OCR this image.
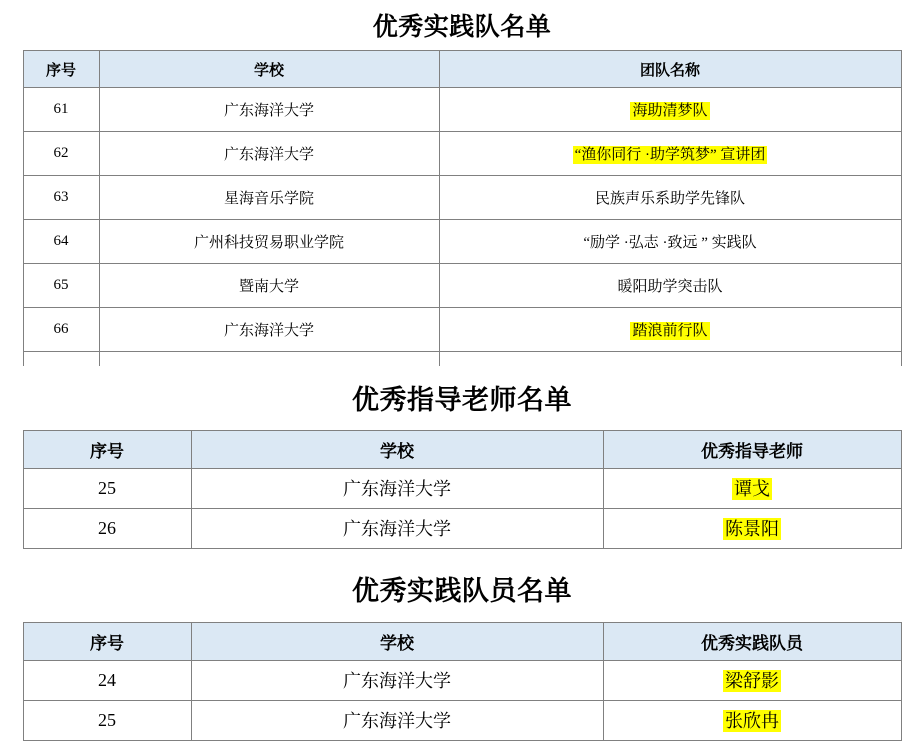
优秀实践队名单
序号	学校	团队名称
61	广东海洋大学	海助清梦队
62	广东海洋大学	“渔你同行 ·助学筑梦” 宣讲团
63	星海音乐学院	民族声乐系助学先锋队
64	广州科技贸易职业学院	“励学 ·弘志 ·致远 ” 实践队
65	暨南大学	暖阳助学突击队
66	广东海洋大学	踏浪前行队

优秀指导老师名单
序号	学校	优秀指导老师
25	广东海洋大学	谭戈
26	广东海洋大学	陈景阳
优秀实践队员名单
序号	学校	优秀实践队员
24	广东海洋大学	梁舒影
25	广东海洋大学	张欣冉
